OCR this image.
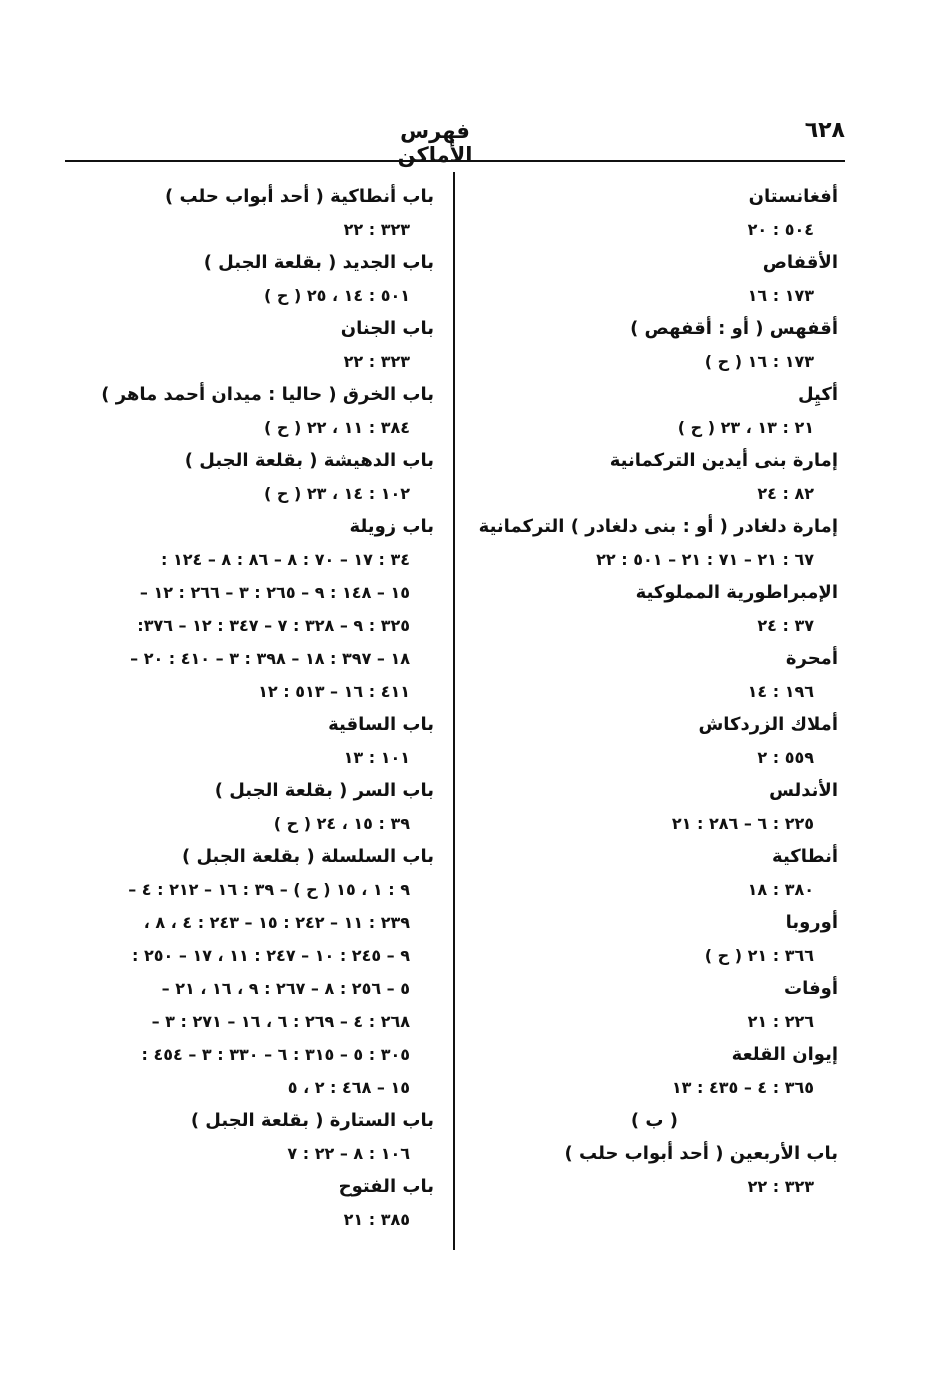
٦٢٨
فهرس الأماكن
أفغانستان
٥٠٤ : ٢٠
الأقفاص
١٧٣ : ١٦
أقفهس ( أو : أقفهص )
١٧٣ : ١٦ ( ح )
أكيِل
٢١ : ١٣ ، ٢٣ ( ح )
إمارة بنى أيدين التركمانية
٨٢ : ٢٤
إمارة دلغادر ( أو : بنى دلغادر ) التركمانية
٦٧ : ٢١ – ٧١ : ٢١ – ٥٠١ : ٢٢
الإمبراطورية المملوكية
٣٧ : ٢٤
أمحرة
١٩٦ : ١٤
أملاك الزردكاش
٥٥٩ : ٢
الأندلس
٢٢٥ : ٦ – ٢٨٦ : ٢١
أنطاكية
٣٨٠ : ١٨
أوروبا
٣٦٦ : ٢١ ( ح )
أوفات
٢٢٦ : ٢١
إيوان القلعة
٣٦٥ : ٤ – ٤٣٥ : ١٣
( ب )
باب الأربعين ( أحد أبواب حلب )
٣٢٣ : ٢٢
باب أنطاكية ( أحد أبواب حلب )
٣٢٣ : ٢٢
باب الجديد ( بقلعة الجبل )
٥٠١ : ١٤ ، ٢٥ ( ح )
باب الجنان
٣٢٣ : ٢٢
باب الخرق ( حاليا : ميدان أحمد ماهر )
٣٨٤ : ١١ ، ٢٢ ( ح )
باب الدهيشة ( بقلعة الجبل )
١٠٢ : ١٤ ، ٢٣ ( ح )
باب زويلة
٣٤ : ١٧ – ٧٠ : ٨ – ٨٦ : ٨ – ١٢٤ :
١٥ – ١٤٨ : ٩ – ٢٦٥ : ٣ – ٢٦٦ : ١٢ –
٣٢٥ : ٩ – ٣٢٨ : ٧ – ٣٤٧ : ١٢ – ٣٧٦:
١٨ – ٣٩٧ : ١٨ – ٣٩٨ : ٣ – ٤١٠ : ٢٠ –
٤١١ : ١٦ – ٥١٣ : ١٢
باب الساقية
١٠١ : ١٣
باب السر ( بقلعة الجبل )
٣٩ : ١٥ ، ٢٤ ( ح )
باب السلسلة ( بقلعة الجبل )
٩ : ١ ، ١٥ ( ح ) – ٣٩ : ١٦ – ٢١٢ : ٤ –
٢٣٩ : ١١ – ٢٤٢ : ١٥ – ٢٤٣ : ٤ ، ٨ ،
٩ – ٢٤٥ : ١٠ – ٢٤٧ : ١١ ، ١٧ – ٢٥٠ :
٥ – ٢٥٦ : ٨ – ٢٦٧ : ٩ ، ١٦ ، ٢١ –
٢٦٨ : ٤ – ٢٦٩ : ٦ ، ١٦ – ٢٧١ : ٣ –
٣٠٥ : ٥ – ٣١٥ : ٦ – ٣٣٠ : ٣ – ٤٥٤ :
١٥ – ٤٦٨ : ٢ ، ٥
باب الستارة ( بقلعة الجبل )
١٠٦ : ٨ – ٢٢ : ٧
باب الفتوح
٣٨٥ : ٢١
